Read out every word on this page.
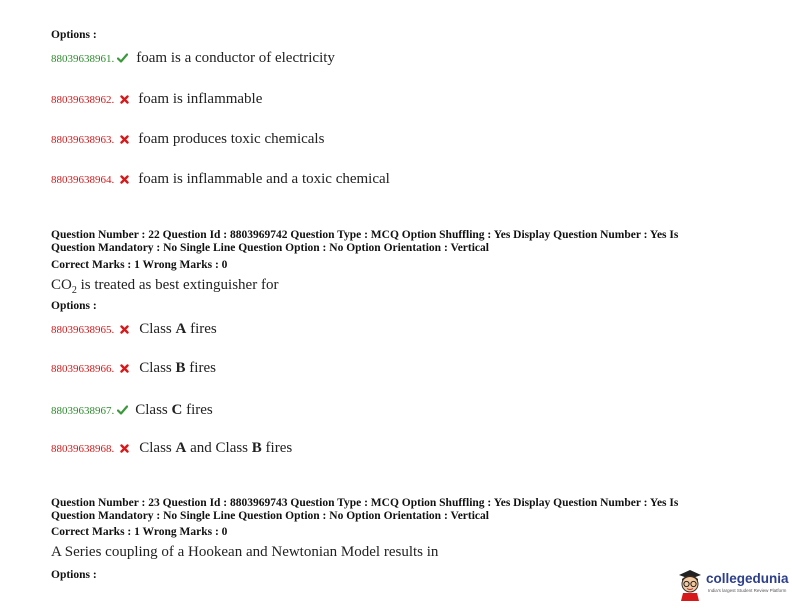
Options :
88039638961. foam is a conductor of electricity
88039638962. foam is inflammable
88039638963. foam produces toxic chemicals
88039638964. foam is inflammable and a toxic chemical
Question Number : 22 Question Id : 8803969742 Question Type : MCQ Option Shuffling : Yes Display Question Number : Yes Is
Question Mandatory : No Single Line Question Option : No Option Orientation : Vertical
Correct Marks : 1 Wrong Marks : 0
$CO_2$ is treated as best extinguisher for
Options :
88039638965. Class A fires
88039638966. Class B fires
88039638967. Class C fires
88039638968. Class A and Class B fires
Question Number : 23 Question Id : 8803969743 Question Type : MCQ Option Shuffling : Yes Display Question Number : Yes Is
Question Mandatory : No Single Line Question Option : No Option Orientation : Vertical
Correct Marks : 1 Wrong Marks : 0
A Series coupling of a Hookean and Newtonian Model results in
Options :	collegedunia
India's largest Student Review Platform
